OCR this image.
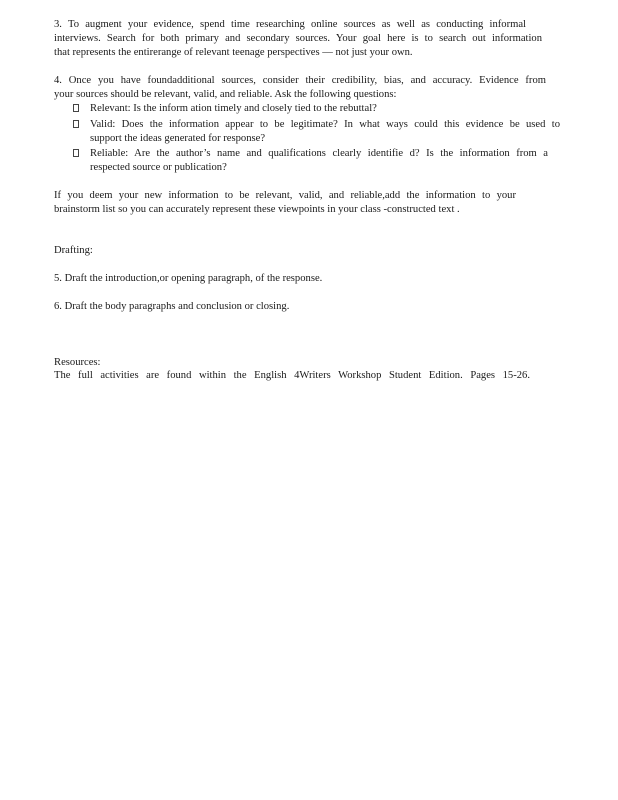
3. To augment your evidence, spend time researching online sources as well as conducting informal
interviews. Search for both primary and secondary sources. Your goal here is to search out information
that represents the entirerange of relevant teenage perspectives — not just your own.
4. Once you have foundadditional sources, consider their credibility, bias, and accuracy. Evidence from
your sources should be relevant, valid, and reliable. Ask the following questions:
Relevant: Is the inform ation timely and closely tied to the rebuttal?
Valid: Does the information appear to be legitimate? In what ways could this evidence be used to
support the ideas generated for response?
Reliable: Are the author’s name and qualifications clearly identifie d? Is the information from a
respected source or publication?
If you deem your new information to be relevant, valid, and reliable,add the information to your
brainstorm list so you can accurately represent these viewpoints in your class -constructed text .
Drafting:
5. Draft the introduction,or opening paragraph, of the response.
6. Draft the body paragraphs and conclusion or closing.
Resources:
The full activities are found within the English 4Writers Workshop Student Edition. Pages 15-26.
